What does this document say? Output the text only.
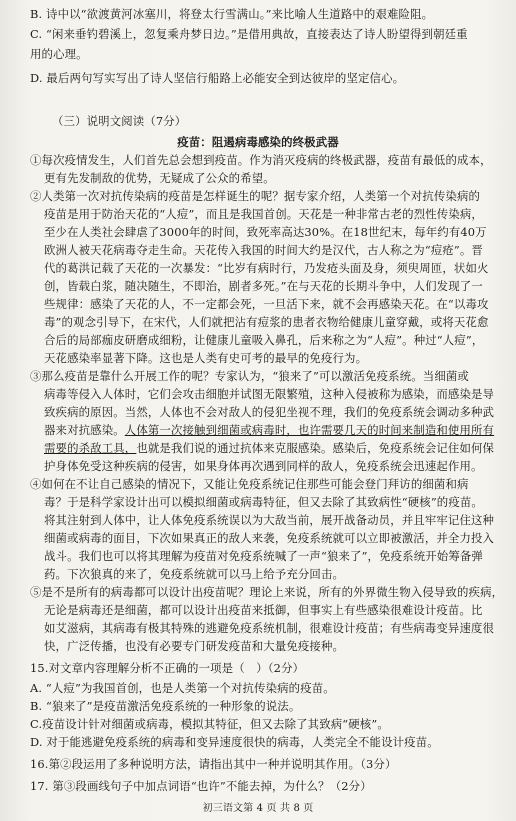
B. 诗中以“欲渡黄河冰塞川，将登太行雪满山。”来比喻人生道路中的艰难险阻。
C. “闲来垂钓碧溪上，忽复乘舟梦日边。”是借用典故，直接表达了诗人盼望得到朝廷重
用的心理。
D. 最后两句写实写出了诗人坚信行船路上必能安全到达彼岸的坚定信心。
（三）说明文阅读（7分）
疫苗：阻遏病毒感染的终极武器
①每次疫情发生，人们首先总会想到疫苗。作为消灭疫病的终极武器，疫苗有最低的成本，
更有先发制敌的优势，无疑成了公众的希望。
②人类第一次对抗传染病的疫苗是怎样诞生的呢？据专家介绍，人类第一个对抗传染病的
疫苗是用于防治天花的“人痘”，而且是我国首创。天花是一种非常古老的烈性传染病，
至少在人类社会肆虐了3000年的时间，致死率高达30%。在18世纪末，每年约有40万
欧洲人被天花病毒夺走生命。天花传入我国的时间大约是汉代，古人称之为“痘疮”。晋
代的葛洪记载了天花的一次暴发：“比岁有病时行，乃发疮头面及身，须臾周匝，状如火
创，皆载白浆，随决随生，不即治，剧者多死。”在与天花的长期斗争中，人们发现了一
些规律：感染了天花的人，不一定都会死，一旦活下来，就不会再感染天花。在“以毒攻
毒”的观念引导下，在宋代，人们就把沾有痘浆的患者衣物给健康儿童穿戴，或将天花愈
合后的局部痂皮研磨成细粉，让健康儿童吸入鼻孔，后来称之为“人痘”。种过“人痘”，
天花感染率显著下降。这也是人类有史可考的最早的免疫行为。
③那么疫苗是靠什么开展工作的呢？专家认为，“狼来了”可以激活免疫系统。当细菌或
病毒等侵入人体时，它们会攻击细胞并试图无限繁殖，这种入侵被称为感染，而感染是导
致疾病的原因。当然，人体也不会对敌人的侵犯坐视不理，我们的免疫系统会调动多种武
器来对抗感染。人体第一次接触到细菌或病毒时，也许需要几天的时间来制造和使用所有
需要的杀敌工具，也就是我们说的通过抗体来克服感染。感染后，免疫系统会记住如何保
护身体免受这种疾病的侵害，如果身体再次遇到同样的敌人，免疫系统会迅速起作用。
④如何在不让自己感染的情况下，又能让免疫系统记住那些可能会登门拜访的细菌和病
毒？于是科学家设计出可以模拟细菌或病毒特征，但又去除了其致病性“硬核”的疫苗。
将其注射到人体中，让人体免疫系统误以为大敌当前，展开战备动员，并且牢牢记住这种
细菌或病毒的面目，下次如果真正的敌人来袭，免疫系统就可以立即被激活，并全力投入
战斗。我们也可以将其理解为疫苗对免疫系统喊了一声“狼来了”，免疫系统开始筹备弹
药。下次狼真的来了，免疫系统就可以马上给予充分回击。
⑤是不是所有的病毒都可以设计出疫苗呢？理论上来说，所有的外界微生物入侵导致的疾病，
无论是病毒还是细菌，都可以设计出疫苗来抵御，但事实上有些感染很难设计疫苗。比
如艾滋病，其病毒有极其特殊的逃避免疫系统机制，很难设计疫苗；有些病毒变异速度很
快，广泛传播，也没有必要专门研发疫苗和大量免疫接种。
15.对文章内容理解分析不正确的一项是（　）（2分）
A. “人痘”为我国首创，也是人类第一个对抗传染病的疫苗。
B. “狼来了”是疫苗激活免疫系统的一种形象的说法。
C.疫苗设计针对细菌或病毒，模拟其特征，但又去除了其致病“硬核”。
D. 对于能逃避免疫系统的病毒和变异速度很快的病毒，人类完全不能设计疫苗。
16.第②段运用了多种说明方法，请指出其中一种并说明其作用。（3分）
17. 第③段画线句子中加点词语“也许”不能去掉，为什么？（2分）
初三语文第 4 页 共 8 页
